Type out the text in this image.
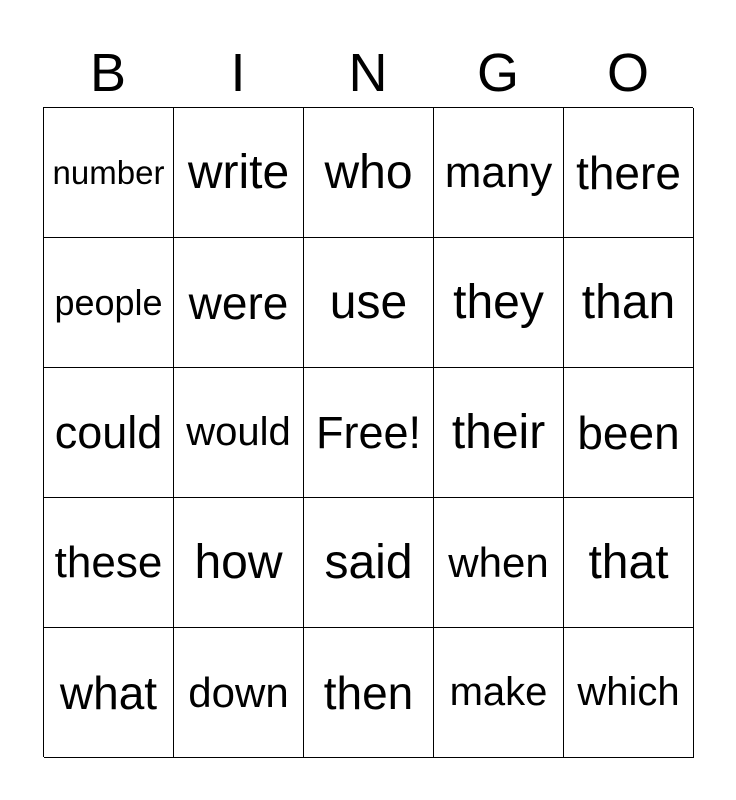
B	I	N	G	O
number write who many there
people were use they than
could would Free! their been
these how said when that
what down then make which
